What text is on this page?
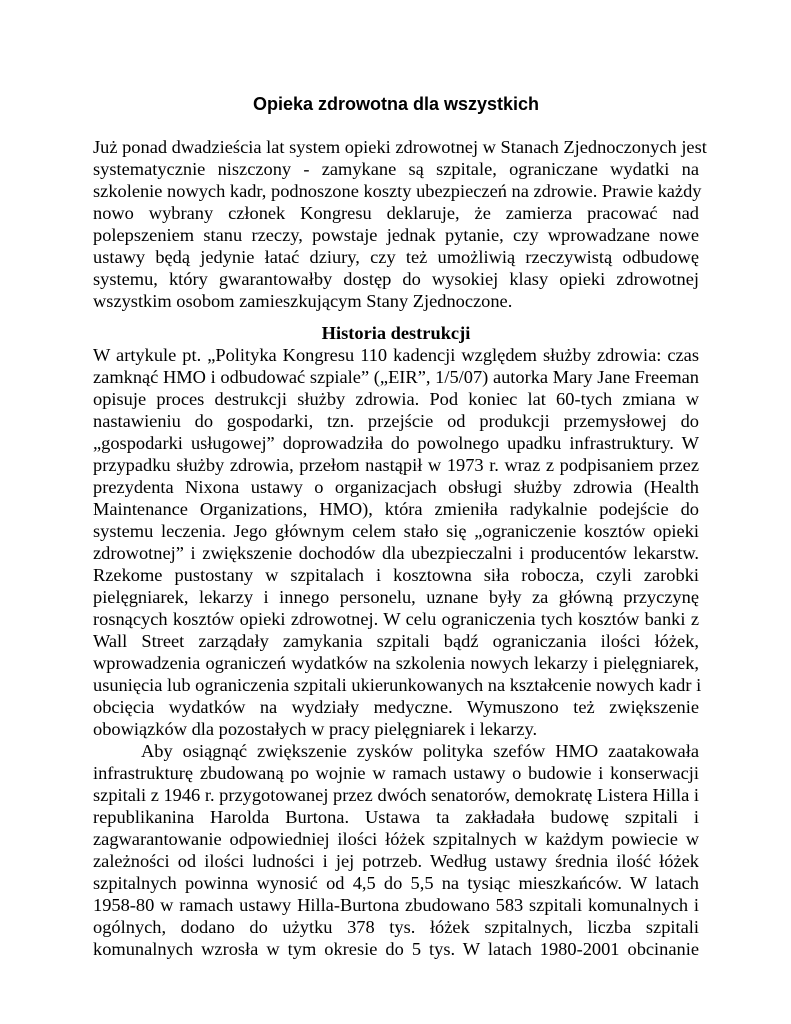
Opieka zdrowotna dla wszystkich
Już ponad dwadzieścia lat system opieki zdrowotnej w Stanach Zjednoczonych jest
systematycznie niszczony - zamykane są szpitale, ograniczane wydatki na
szkolenie nowych kadr, podnoszone koszty ubezpieczeń na zdrowie. Prawie każdy
nowo wybrany członek Kongresu deklaruje, że zamierza pracować nad
polepszeniem stanu rzeczy, powstaje jednak pytanie, czy wprowadzane nowe
ustawy będą jedynie łatać dziury, czy też umożliwią rzeczywistą odbudowę
systemu, który gwarantowałby dostęp do wysokiej klasy opieki zdrowotnej
wszystkim osobom zamieszkującym Stany Zjednoczone.
Historia destrukcji
W artykule pt. „Polityka Kongresu 110 kadencji względem służby zdrowia: czas
zamknąć HMO i odbudować szpiale” („EIR”, 1/5/07) autorka Mary Jane Freeman
opisuje proces destrukcji służby zdrowia. Pod koniec lat 60-tych zmiana w
nastawieniu do gospodarki, tzn. przejście od produkcji przemysłowej do
„gospodarki usługowej” doprowadziła do powolnego upadku infrastruktury. W
przypadku służby zdrowia, przełom nastąpił w 1973 r. wraz z podpisaniem przez
prezydenta Nixona ustawy o organizacjach obsługi służby zdrowia (Health
Maintenance Organizations, HMO), która zmieniła radykalnie podejście do
systemu leczenia. Jego głównym celem stało się „ograniczenie kosztów opieki
zdrowotnej” i zwiększenie dochodów dla ubezpieczalni i producentów lekarstw.
Rzekome pustostany w szpitalach i kosztowna siła robocza, czyli zarobki
pielęgniarek, lekarzy i innego personelu, uznane były za główną przyczynę
rosnących kosztów opieki zdrowotnej. W celu ograniczenia tych kosztów banki z
Wall Street zarządały zamykania szpitali bądź ograniczania ilości łóżek,
wprowadzenia ograniczeń wydatków na szkolenia nowych lekarzy i pielęgniarek,
usunięcia lub ograniczenia szpitali ukierunkowanych na kształcenie nowych kadr i
obcięcia wydatków na wydziały medyczne. Wymuszono też zwiększenie
obowiązków dla pozostałych w pracy pielęgniarek i lekarzy.
Aby osiągnąć zwiększenie zysków polityka szefów HMO zaatakowała
infrastrukturę zbudowaną po wojnie w ramach ustawy o budowie i konserwacji
szpitali z 1946 r. przygotowanej przez dwóch senatorów, demokratę Listera Hilla i
republikanina Harolda Burtona. Ustawa ta zakładała budowę szpitali i
zagwarantowanie odpowiedniej ilości łóżek szpitalnych w każdym powiecie w
zależności od ilości ludności i jej potrzeb. Według ustawy średnia ilość łóżek
szpitalnych powinna wynosić od 4,5 do 5,5 na tysiąc mieszkańców. W latach
1958-80 w ramach ustawy Hilla-Burtona zbudowano 583 szpitali komunalnych i
ogólnych, dodano do użytku 378 tys. łóżek szpitalnych, liczba szpitali
komunalnych wzrosła w tym okresie do 5 tys. W latach 1980-2001 obcinanie
